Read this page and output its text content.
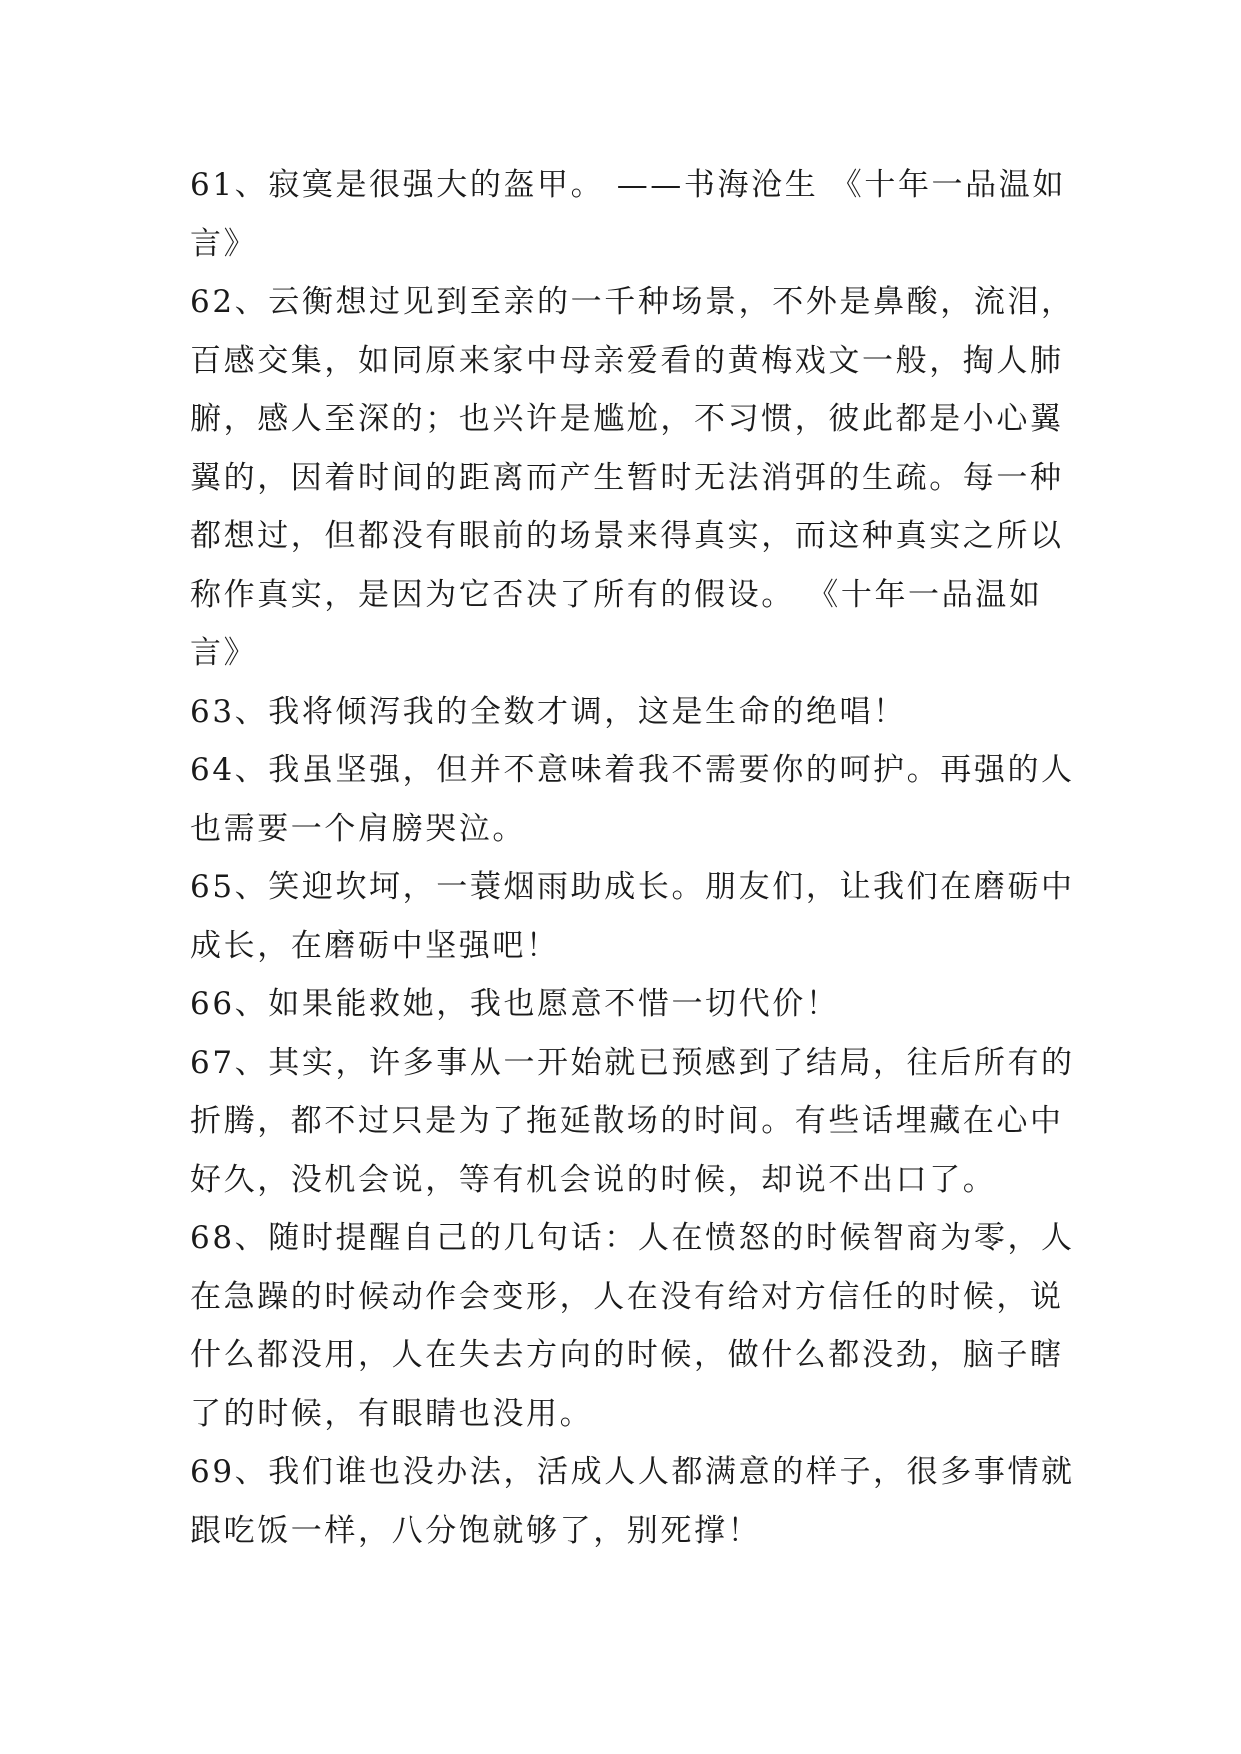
61、寂寞是很强大的盔甲。 ——书海沧生 《十年一品温如
言》
62、云衡想过见到至亲的一千种场景，不外是鼻酸，流泪，
百感交集，如同原来家中母亲爱看的黄梅戏文一般，掏人肺
腑，感人至深的；也兴许是尴尬，不习惯，彼此都是小心翼
翼的，因着时间的距离而产生暂时无法消弭的生疏。每一种
都想过，但都没有眼前的场景来得真实，而这种真实之所以
称作真实，是因为它否决了所有的假设。 《十年一品温如
言》
63、我将倾泻我的全数才调，这是生命的绝唱！
64、我虽坚强，但并不意味着我不需要你的呵护。再强的人
也需要一个肩膀哭泣。
65、笑迎坎坷，一蓑烟雨助成长。朋友们，让我们在磨砺中
成长，在磨砺中坚强吧！
66、如果能救她，我也愿意不惜一切代价！
67、其实，许多事从一开始就已预感到了结局，往后所有的
折腾，都不过只是为了拖延散场的时间。有些话埋藏在心中
好久，没机会说，等有机会说的时候，却说不出口了。
68、随时提醒自己的几句话：人在愤怒的时候智商为零，人
在急躁的时候动作会变形，人在没有给对方信任的时候，说
什么都没用，人在失去方向的时候，做什么都没劲，脑子瞎
了的时候，有眼睛也没用。
69、我们谁也没办法，活成人人都满意的样子，很多事情就
跟吃饭一样，八分饱就够了，别死撑！
